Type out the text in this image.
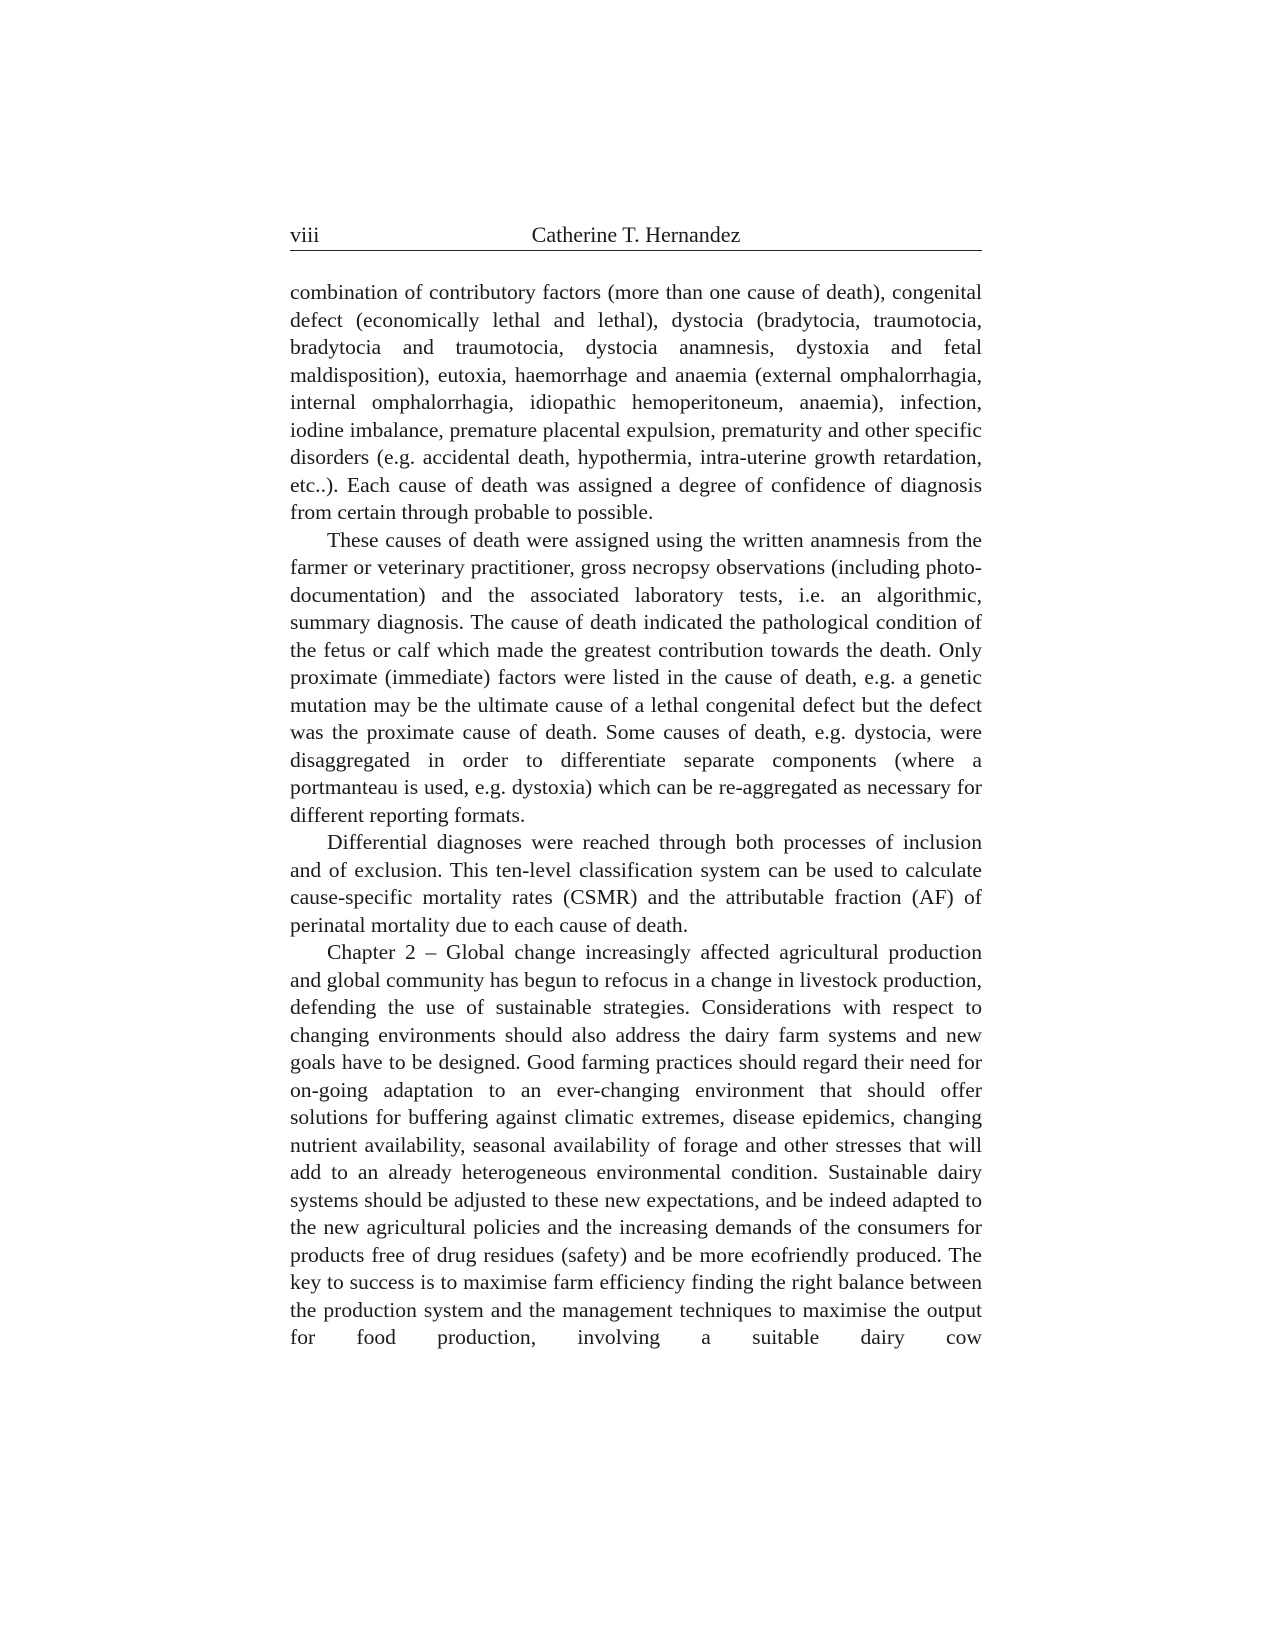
viii	Catherine T. Hernandez

combination of contributory factors (more than one cause of death), congenital defect (economically lethal and lethal), dystocia (bradytocia, traumotocia, bradytocia and traumotocia, dystocia anamnesis, dystoxia and fetal maldisposition), eutoxia, haemorrhage and anaemia (external omphalorrhagia, internal omphalorrhagia, idiopathic hemoperitoneum, anaemia), infection, iodine imbalance, premature placental expulsion, prematurity and other specific disorders (e.g. accidental death, hypothermia, intra-uterine growth retardation, etc..). Each cause of death was assigned a degree of confidence of diagnosis from certain through probable to possible.

These causes of death were assigned using the written anamnesis from the farmer or veterinary practitioner, gross necropsy observations (including photo-documentation) and the associated laboratory tests, i.e. an algorithmic, summary diagnosis. The cause of death indicated the pathological condition of the fetus or calf which made the greatest contribution towards the death. Only proximate (immediate) factors were listed in the cause of death, e.g. a genetic mutation may be the ultimate cause of a lethal congenital defect but the defect was the proximate cause of death. Some causes of death, e.g. dystocia, were disaggregated in order to differentiate separate components (where a portmanteau is used, e.g. dystoxia) which can be re-aggregated as necessary for different reporting formats.

Differential diagnoses were reached through both processes of inclusion and of exclusion. This ten-level classification system can be used to calculate cause-specific mortality rates (CSMR) and the attributable fraction (AF) of perinatal mortality due to each cause of death.

Chapter 2 – Global change increasingly affected agricultural production and global community has begun to refocus in a change in livestock production, defending the use of sustainable strategies. Considerations with respect to changing environments should also address the dairy farm systems and new goals have to be designed. Good farming practices should regard their need for on-going adaptation to an ever-changing environment that should offer solutions for buffering against climatic extremes, disease epidemics, changing nutrient availability, seasonal availability of forage and other stresses that will add to an already heterogeneous environmental condition. Sustainable dairy systems should be adjusted to these new expectations, and be indeed adapted to the new agricultural policies and the increasing demands of the consumers for products free of drug residues (safety) and be more ecofriendly produced. The key to success is to maximise farm efficiency finding the right balance between the production system and the management techniques to maximise the output for food production, involving a suitable dairy cow
